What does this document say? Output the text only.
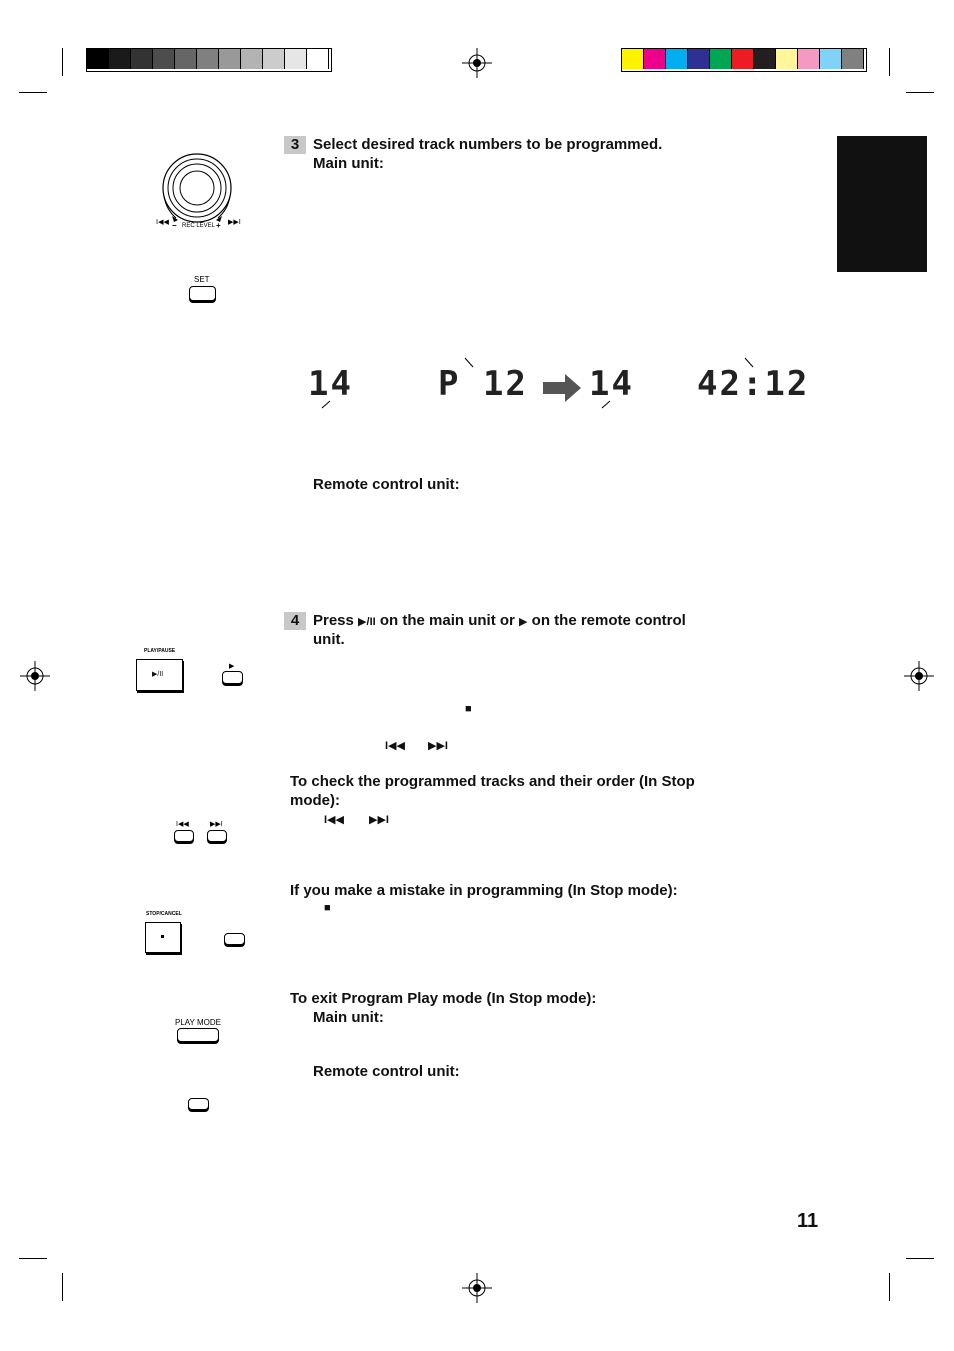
I◀◀	▶▶I
REC LEVEL
−	+
SET
PLAY/PAUSE
▶/II
▶
I◀◀	▶▶I
STOP/CANCEL
PLAY MODE
3 Select desired track numbers to be programmed.
Main unit:
14	P 12 14 42:12
Remote control unit:
4 Press ▶/II on the main unit or ▶ on the remote control
unit.
■
I◀◀ ▶▶I
To check the programmed tracks and their order (In Stop
mode):
I◀◀ ▶▶I
If you make a mistake in programming (In Stop mode):
■
To exit Program Play mode (In Stop mode):
Main unit:
Remote control unit:
11
